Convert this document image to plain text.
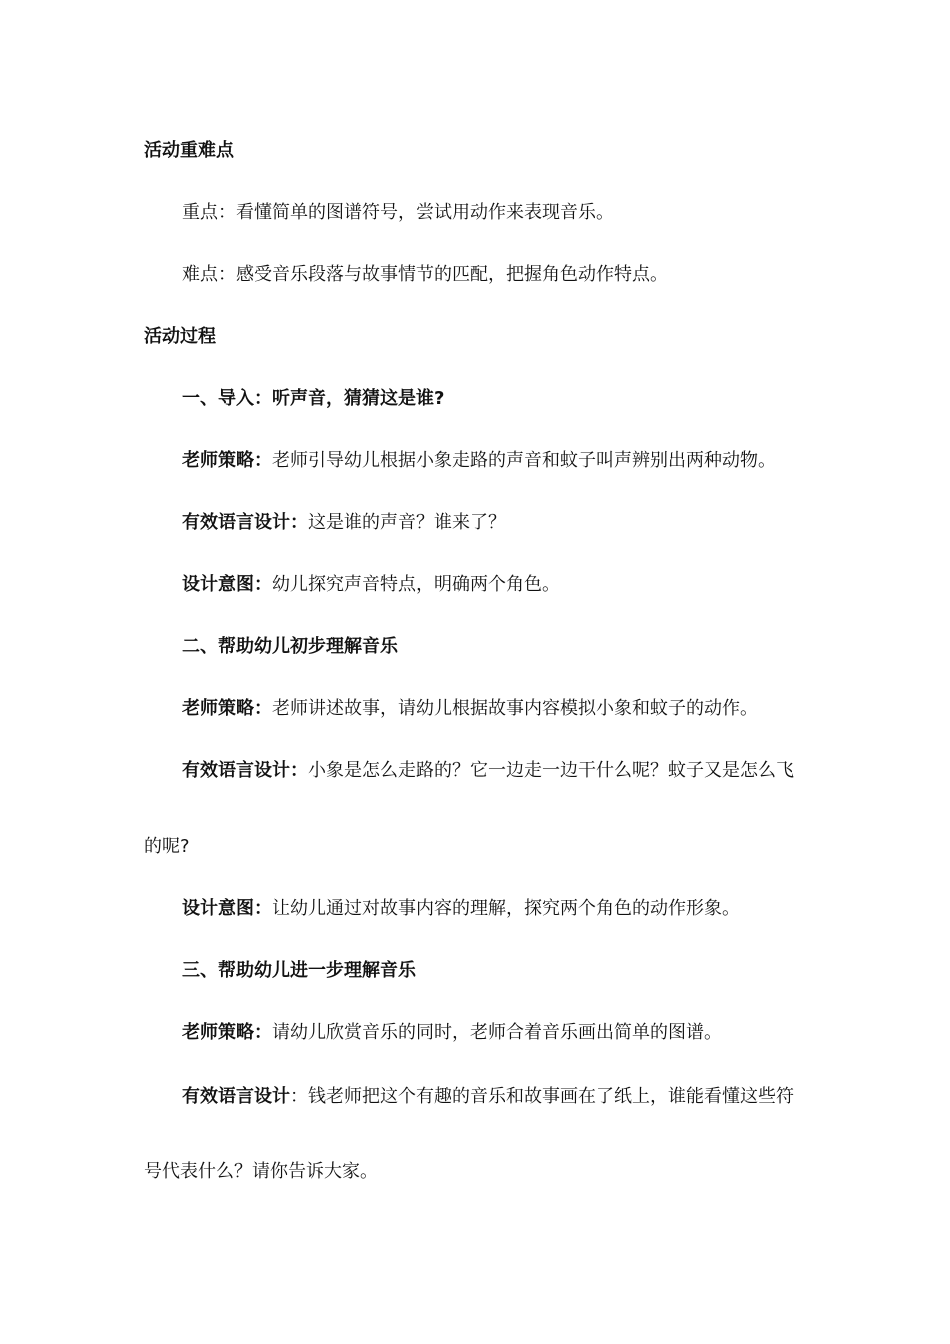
活动重难点
重点：看懂简单的图谱符号，尝试用动作来表现音乐。
难点：感受音乐段落与故事情节的匹配，把握角色动作特点。
活动过程
一、导入：听声音，猜猜这是谁?
老师策略：老师引导幼儿根据小象走路的声音和蚊子叫声辨别出两种动物。
有效语言设计：这是谁的声音？谁来了？
设计意图：幼儿探究声音特点，明确两个角色。
二、帮助幼儿初步理解音乐
老师策略：老师讲述故事，请幼儿根据故事内容模拟小象和蚊子的动作。
有效语言设计：小象是怎么走路的？它一边走一边干什么呢？蚊子又是怎么飞
的呢?
设计意图：让幼儿通过对故事内容的理解，探究两个角色的动作形象。
三、帮助幼儿进一步理解音乐
老师策略：请幼儿欣赏音乐的同时，老师合着音乐画出简单的图谱。
有效语言设计：钱老师把这个有趣的音乐和故事画在了纸上，谁能看懂这些符
号代表什么？请你告诉大家。
